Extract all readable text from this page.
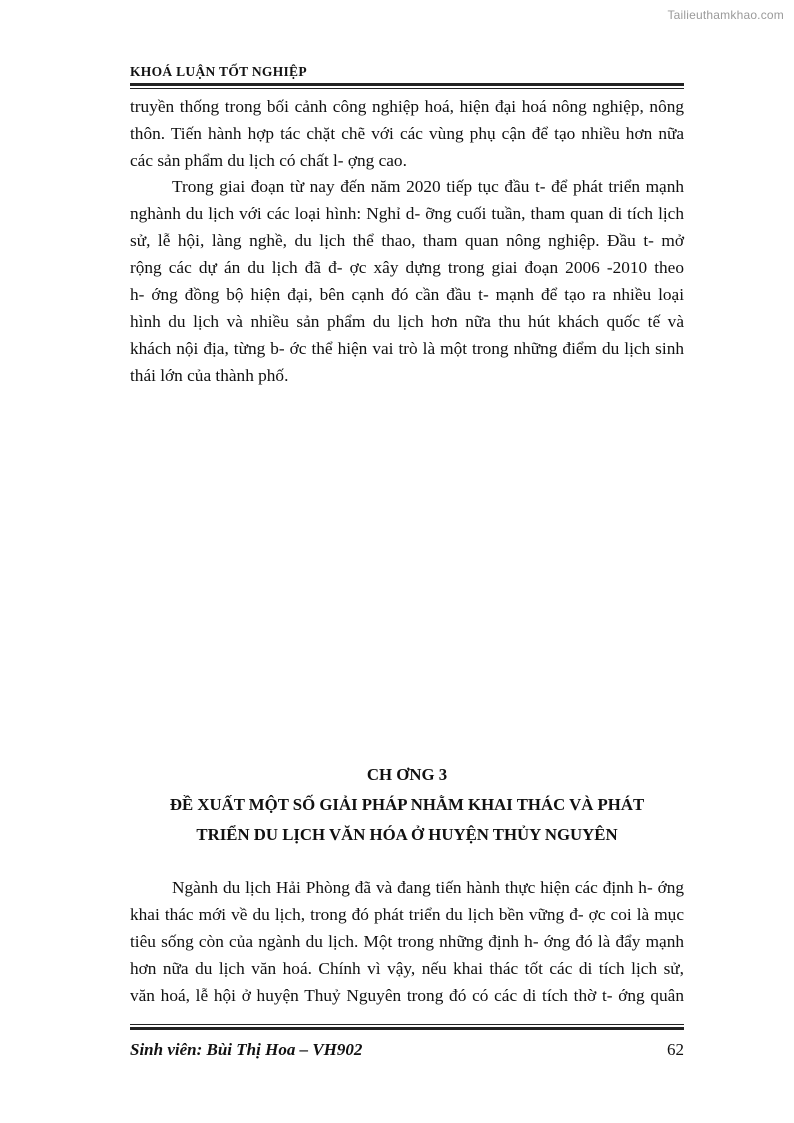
Tailieuthamkhao.com
KHOÁ LUẬN TỐT NGHIỆP
truyền thống trong bối cảnh công nghiệp hoá, hiện đại hoá nông nghiệp, nông
thôn. Tiến hành hợp tác chặt chẽ với các vùng phụ cận để tạo nhiều hơn nữa
các sản phẩm du lịch có chất l- ợng cao.
Trong giai đoạn từ nay đến năm 2020 tiếp tục đầu t- để phát triển mạnh
nghành du lịch với các loại hình: Nghỉ d- ỡng cuối tuần, tham quan di tích lịch
sử, lễ hội, làng nghề, du lịch thể thao, tham quan nông nghiệp. Đầu t- mở
rộng các dự án du lịch đã đ- ợc xây dựng trong giai đoạn 2006 -2010 theo
h- ớng đồng bộ hiện đại, bên cạnh đó cần đầu t- mạnh để tạo ra nhiều loại
hình du lịch và nhiều sản phẩm du lịch hơn nữa thu hút khách quốc tế và
khách nội địa, từng b- ớc thể hiện vai trò là một trong những điểm du lịch sinh
thái lớn của thành phố.
CH ƠNG 3
ĐỀ XUẤT MỘT SỐ GIẢI PHÁP NHẰM KHAI THÁC VÀ PHÁT
TRIỂN DU LỊCH VĂN HÓA Ở HUYỆN THỦY NGUYÊN
Ngành du lịch Hải Phòng đã và đang tiến hành thực hiện các định h- ớng
khai thác mới về du lịch, trong đó phát triển du lịch bền vững đ- ợc coi là mục
tiêu sống còn của ngành du lịch. Một trong những định h- ớng đó là đẩy mạnh
hơn nữa du lịch văn hoá. Chính vì vậy, nếu khai thác tốt các di tích lịch sử,
văn hoá, lễ hội ở huyện Thuỷ Nguyên trong đó có các di tích thờ t- ớng quân
Sinh viên: Bùi Thị Hoa – VH902	62
